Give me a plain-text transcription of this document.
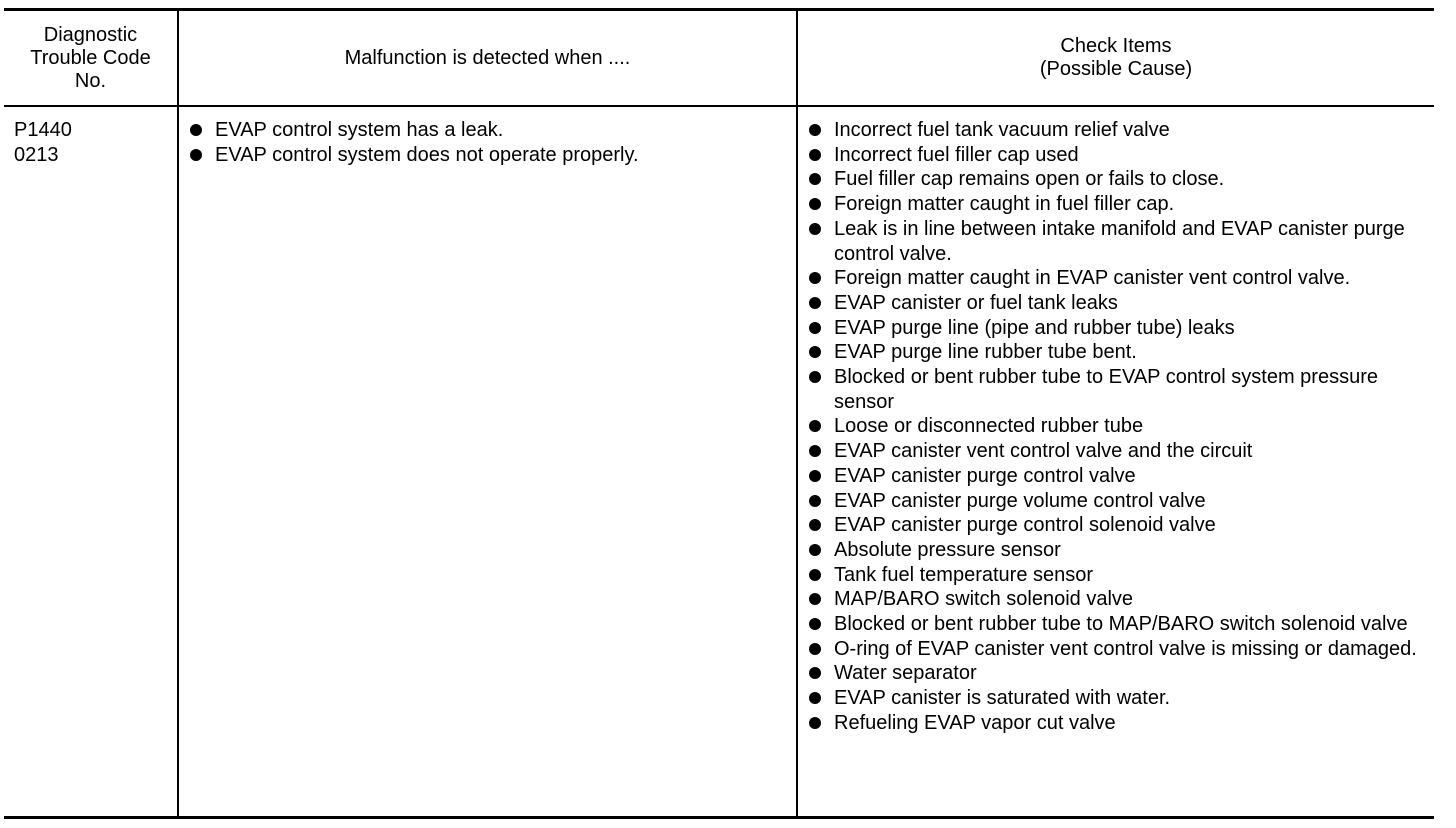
Diagnostic
Trouble Code
No.
Malfunction is detected when ....
Check Items
(Possible Cause)
P1440
0213
EVAP control system has a leak.
EVAP control system does not operate properly.
Incorrect fuel tank vacuum relief valve
Incorrect fuel filler cap used
Fuel filler cap remains open or fails to close.
Foreign matter caught in fuel filler cap.
Leak is in line between intake manifold and EVAP canister purge control valve.
Foreign matter caught in EVAP canister vent control valve.
EVAP canister or fuel tank leaks
EVAP purge line (pipe and rubber tube) leaks
EVAP purge line rubber tube bent.
Blocked or bent rubber tube to EVAP control system pressure sensor
Loose or disconnected rubber tube
EVAP canister vent control valve and the circuit
EVAP canister purge control valve
EVAP canister purge volume control valve
EVAP canister purge control solenoid valve
Absolute pressure sensor
Tank fuel temperature sensor
MAP/BARO switch solenoid valve
Blocked or bent rubber tube to MAP/BARO switch solenoid valve
O-ring of EVAP canister vent control valve is missing or damaged.
Water separator
EVAP canister is saturated with water.
Refueling EVAP vapor cut valve
